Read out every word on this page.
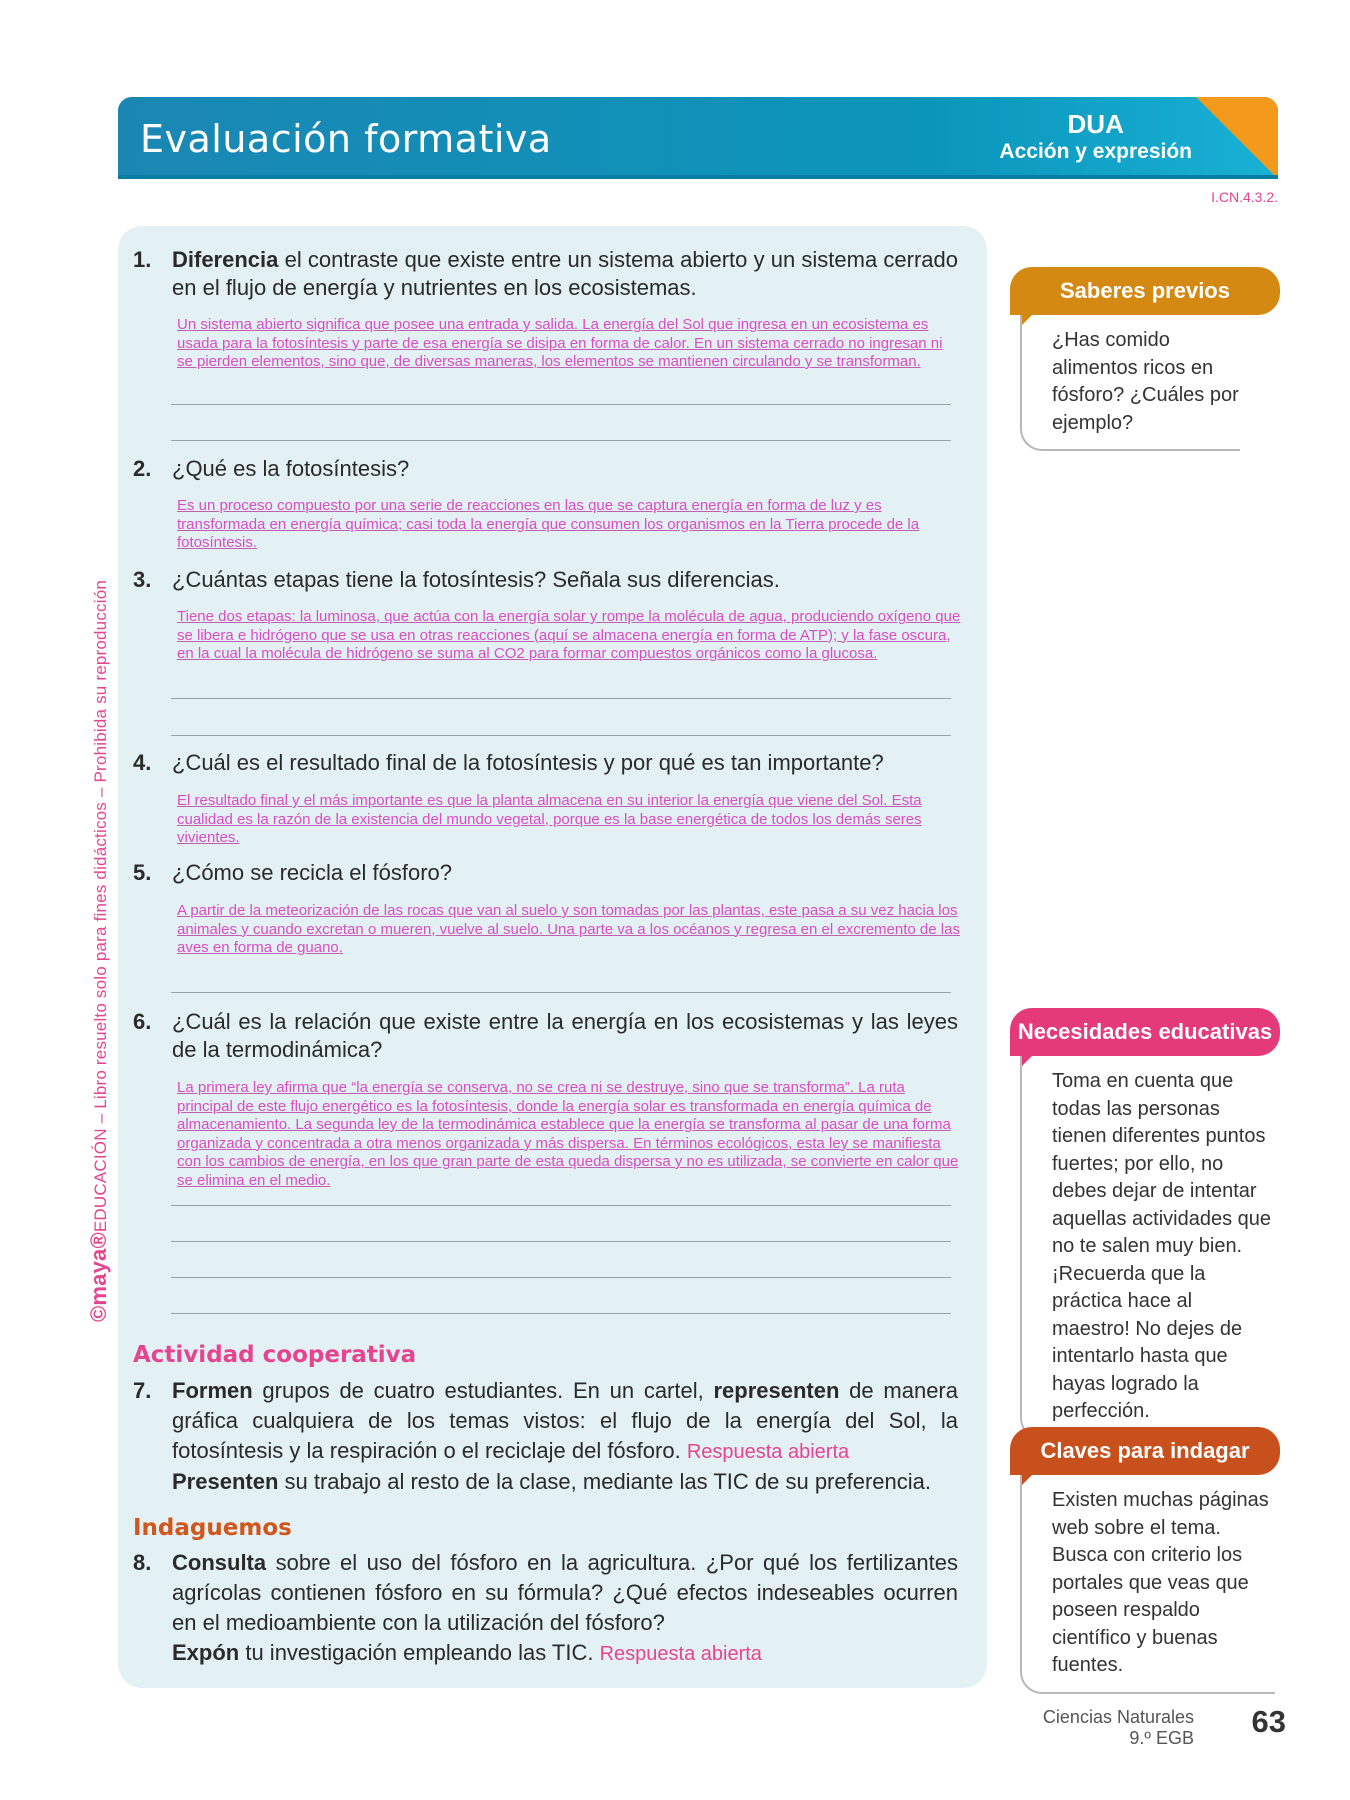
Evaluación formativa	DUA
Acción y expresión
I.CN.4.3.2.
©maya®EDUCACIÓN – Libro resuelto solo para fines didácticos – Prohibida su reproducción
1. Diferencia el contraste que existe entre un sistema abierto y un sistema cerrado en el flujo de energía y nutrientes en los ecosistemas.
Un sistema abierto significa que posee una entrada y salida. La energía del Sol que ingresa en un ecosistema es usada para la fotosíntesis y parte de esa energía se disipa en forma de calor. En un sistema cerrado no ingresan ni se pierden elementos, sino que, de diversas maneras, los elementos se mantienen circulando y se transforman.
2. ¿Qué es la fotosíntesis?
Es un proceso compuesto por una serie de reacciones en las que se captura energía en forma de luz y es transformada en energía química; casi toda la energía que consumen los organismos en la Tierra procede de la fotosíntesis.
3. ¿Cuántas etapas tiene la fotosíntesis? Señala sus diferencias.
Tiene dos etapas: la luminosa, que actúa con la energía solar y rompe la molécula de agua, produciendo oxígeno que se libera e hidrógeno que se usa en otras reacciones (aquí se almacena energía en forma de ATP); y la fase oscura, en la cual la molécula de hidrógeno se suma al CO2 para formar compuestos orgánicos como la glucosa.
4. ¿Cuál es el resultado final de la fotosíntesis y por qué es tan importante?
El resultado final y el más importante es que la planta almacena en su interior la energía que viene del Sol. Esta cualidad es la razón de la existencia del mundo vegetal, porque es la base energética de todos los demás seres vivientes.
5. ¿Cómo se recicla el fósforo?
A partir de la meteorización de las rocas que van al suelo y son tomadas por las plantas, este pasa a su vez hacia los animales y cuando excretan o mueren, vuelve al suelo. Una parte va a los océanos y regresa en el excremento de las aves en forma de guano.
6. ¿Cuál es la relación que existe entre la energía en los ecosistemas y las leyes de la termodinámica?
La primera ley afirma que “la energía se conserva, no se crea ni se destruye, sino que se transforma”. La ruta principal de este flujo energético es la fotosíntesis, donde la energía solar es transformada en energía química de almacenamiento. La segunda ley de la termodinámica establece que la energía se transforma al pasar de una forma organizada y concentrada a otra menos organizada y más dispersa. En términos ecológicos, esta ley se manifiesta con los cambios de energía, en los que gran parte de esta queda dispersa y no es utilizada, se convierte en calor que se elimina en el medio.
Actividad cooperativa
7. Formen grupos de cuatro estudiantes. En un cartel, representen de manera gráfica cualquiera de los temas vistos: el flujo de la energía del Sol, la fotosíntesis y la respiración o el reciclaje del fósforo. Respuesta abierta
Presenten su trabajo al resto de la clase, mediante las TIC de su preferencia.
Indaguemos
8. Consulta sobre el uso del fósforo en la agricultura. ¿Por qué los fertilizantes agrícolas contienen fósforo en su fórmula? ¿Qué efectos indeseables ocurren en el medioambiente con la utilización del fósforo?
Expón tu investigación empleando las TIC. Respuesta abierta
Saberes previos
¿Has comido alimentos ricos en fósforo? ¿Cuáles por ejemplo?
Necesidades educativas
Toma en cuenta que todas las personas tienen diferentes puntos fuertes; por ello, no debes dejar de intentar aquellas actividades que no te salen muy bien. ¡Recuerda que la práctica hace al maestro! No dejes de intentarlo hasta que hayas logrado la perfección.
Claves para indagar
Existen muchas páginas web sobre el tema. Busca con criterio los portales que veas que poseen respaldo científico y buenas fuentes.
Ciencias Naturales
9.º EGB 63
